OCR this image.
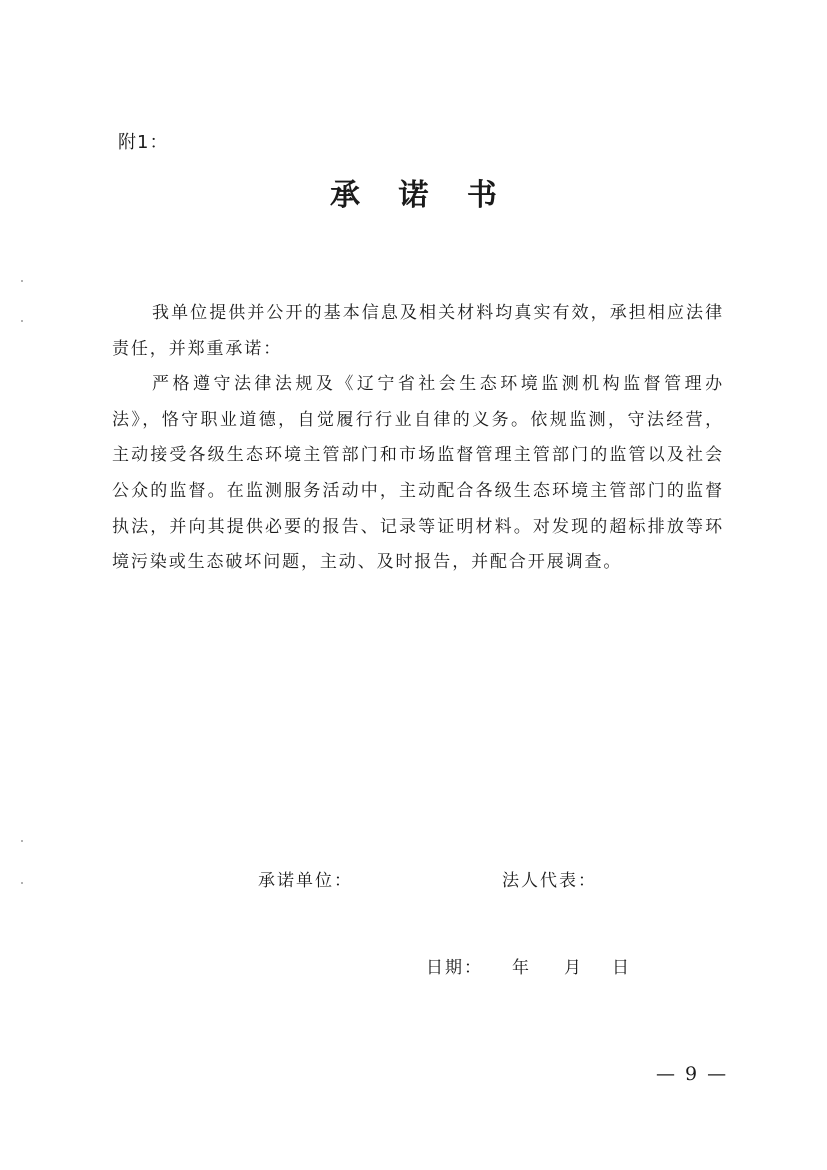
附1：
承 诺 书

我单位提供并公开的基本信息及相关材料均真实有效，承担相应法律责任，并郑重承诺：

严格遵守法律法规及《辽宁省社会生态环境监测机构监督管理办法》，恪守职业道德，自觉履行行业自律的义务。依规监测，守法经营，主动接受各级生态环境主管部门和市场监督管理主管部门的监管以及社会公众的监督。在监测服务活动中，主动配合各级生态环境主管部门的监督执法，并向其提供必要的报告、记录等证明材料。对发现的超标排放等环境污染或生态破坏问题，主动、及时报告，并配合开展调查。

承诺单位：	法人代表：
日期： 年 月 日
— 9 —
